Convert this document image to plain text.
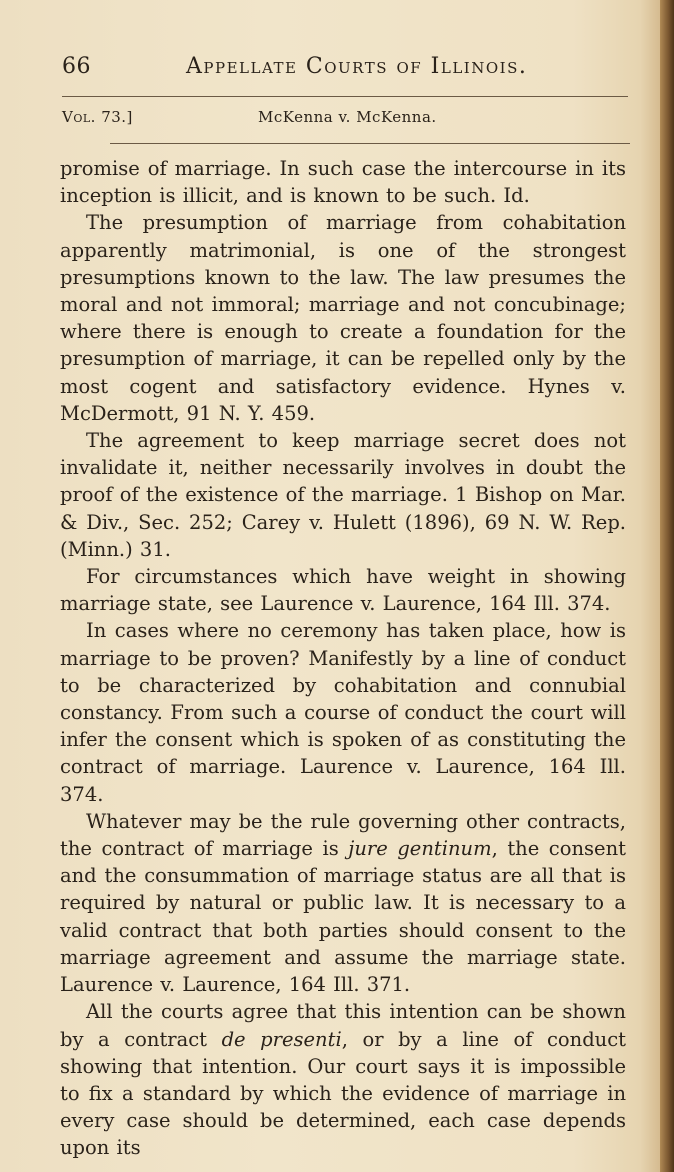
66	Appellate Courts of Illinois.
Vol. 73.]	McKenna v. McKenna.

promise of marriage. In such case the intercourse in its inception is illicit, and is known to be such. Id.

The presumption of marriage from cohabitation apparently matrimonial, is one of the strongest presumptions known to the law. The law presumes the moral and not immoral; marriage and not concubinage; where there is enough to create a foundation for the presumption of marriage, it can be repelled only by the most cogent and satisfactory evidence. Hynes v. McDermott, 91 N. Y. 459.

The agreement to keep marriage secret does not invalidate it, neither necessarily involves in doubt the proof of the existence of the marriage. 1 Bishop on Mar. & Div., Sec. 252; Carey v. Hulett (1896), 69 N. W. Rep. (Minn.) 31.

For circumstances which have weight in showing marriage state, see Laurence v. Laurence, 164 Ill. 374.

In cases where no ceremony has taken place, how is marriage to be proven? Manifestly by a line of conduct to be characterized by cohabitation and connubial constancy. From such a course of conduct the court will infer the consent which is spoken of as constituting the contract of marriage. Laurence v. Laurence, 164 Ill. 374.

Whatever may be the rule governing other contracts, the contract of marriage is jure gentinum, the consent and the consummation of marriage status are all that is required by natural or public law. It is necessary to a valid contract that both parties should consent to the marriage agreement and assume the marriage state. Laurence v. Laurence, 164 Ill. 371.

All the courts agree that this intention can be shown by a contract de presenti, or by a line of conduct showing that intention. Our court says it is impossible to fix a standard by which the evidence of marriage in every case should be determined, each case depends upon its
